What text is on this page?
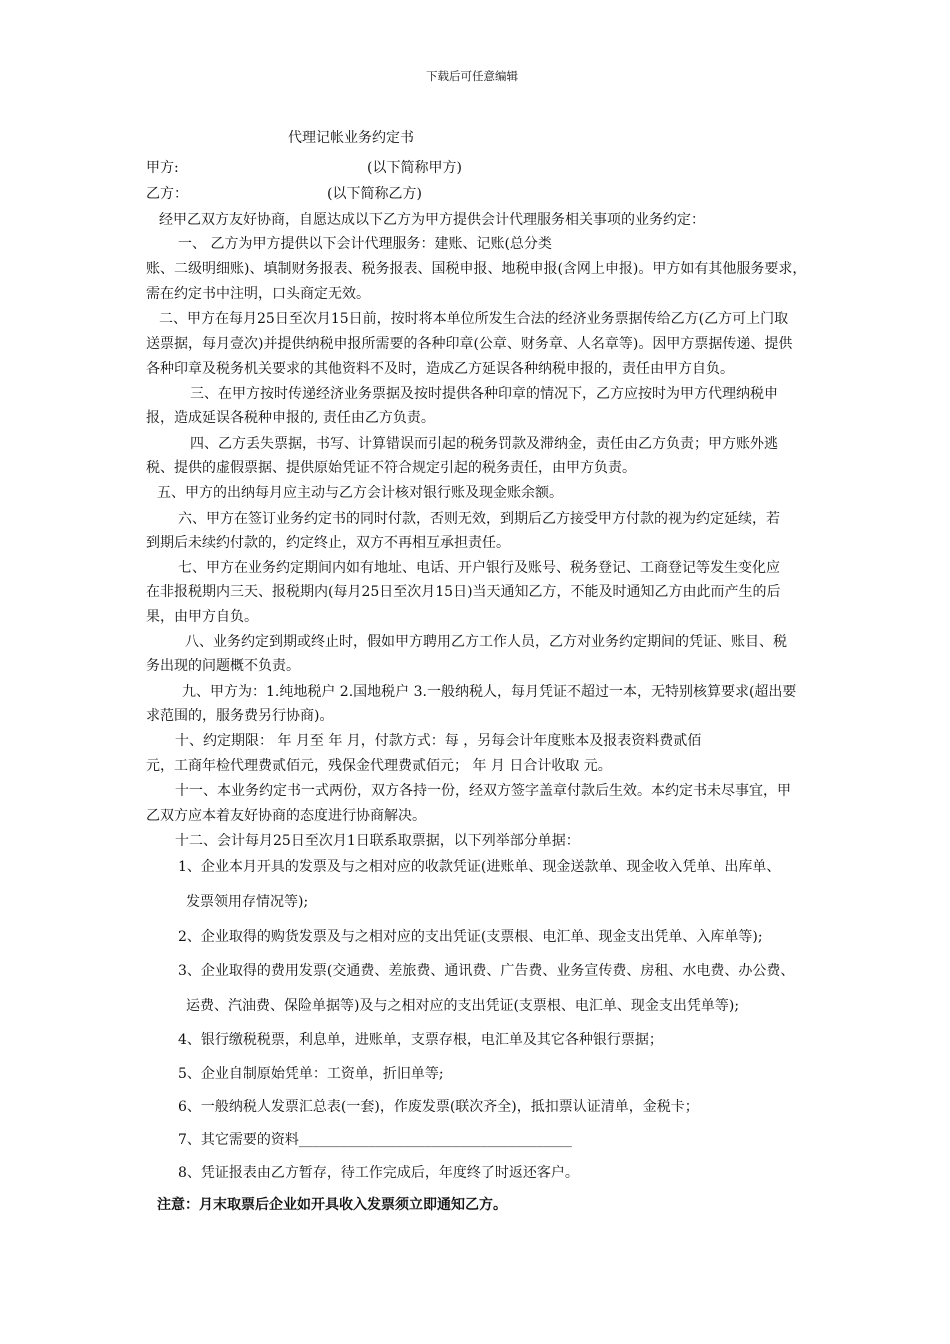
下载后可任意编辑
代理记帐业务约定书
甲方:	(以下简称甲方)
乙方：	(以下简称乙方)
经甲乙双方友好协商，自愿达成以下乙方为甲方提供会计代理服务相关事项的业务约定：
一、 乙方为甲方提供以下会计代理服务：建账、记账(总分类
账、二级明细账)、填制财务报表、税务报表、国税申报、地税申报(含网上申报)。甲方如有其他服务要求，
需在约定书中注明，口头商定无效。
二、甲方在每月25日至次月15日前，按时将本单位所发生合法的经济业务票据传给乙方(乙方可上门取
送票据，每月壹次)并提供纳税申报所需要的各种印章(公章、财务章、人名章等)。因甲方票据传递、提供
各种印章及税务机关要求的其他资料不及时，造成乙方延误各种纳税申报的，责任由甲方自负。
三、在甲方按时传递经济业务票据及按时提供各种印章的情况下，乙方应按时为甲方代理纳税申
报，造成延误各税种申报的, 责任由乙方负责。
四、乙方丢失票据，书写、计算错误而引起的税务罚款及滞纳金，责任由乙方负责；甲方账外逃
税、提供的虚假票据、提供原始凭证不符合规定引起的税务责任，由甲方负责。
五、甲方的出纳每月应主动与乙方会计核对银行账及现金账余额。
六、甲方在签订业务约定书的同时付款，否则无效，到期后乙方接受甲方付款的视为约定延续，若
到期后未续约付款的，约定终止，双方不再相互承担责任。
七、甲方在业务约定期间内如有地址、电话、开户银行及账号、税务登记、工商登记等发生变化应
在非报税期内三天、报税期内(每月25日至次月15日)当天通知乙方，不能及时通知乙方由此而产生的后
果，由甲方自负。
八、业务约定到期或终止时，假如甲方聘用乙方工作人员，乙方对业务约定期间的凭证、账目、税
务出现的问题概不负责。
九、甲方为：1.纯地税户 2.国地税户 3.一般纳税人，每月凭证不超过一本，无特别核算要求(超出要
求范围的，服务费另行协商)。
十、约定期限： 年 月至 年 月，付款方式：每 ，另每会计年度账本及报表资料费贰佰
元，工商年检代理费贰佰元，残保金代理费贰佰元； 年 月 日合计收取 元。
十一、本业务约定书一式两份，双方各持一份，经双方签字盖章付款后生效。本约定书未尽事宜，甲
乙双方应本着友好协商的态度进行协商解决。
十二、会计每月25日至次月1日联系取票据，以下列举部分单据：
1、企业本月开具的发票及与之相对应的收款凭证(进账单、现金送款单、现金收入凭单、出库单、
发票领用存情况等);
2、企业取得的购货发票及与之相对应的支出凭证(支票根、电汇单、现金支出凭单、入库单等);
3、企业取得的费用发票(交通费、差旅费、通讯费、广告费、业务宣传费、房租、水电费、办公费、
运费、汽油费、保险单据等)及与之相对应的支出凭证(支票根、电汇单、现金支出凭单等);
4、银行缴税税票，利息单，进账单，支票存根，电汇单及其它各种银行票据；
5、企业自制原始凭单：工资单，折旧单等;
6、一般纳税人发票汇总表(一套)，作废发票(联次齐全)，抵扣票认证清单，金税卡；
7、其它需要的资料_______________________________________
8、凭证报表由乙方暂存，待工作完成后，年度终了时返还客户。
注意：月末取票后企业如开具收入发票须立即通知乙方。
